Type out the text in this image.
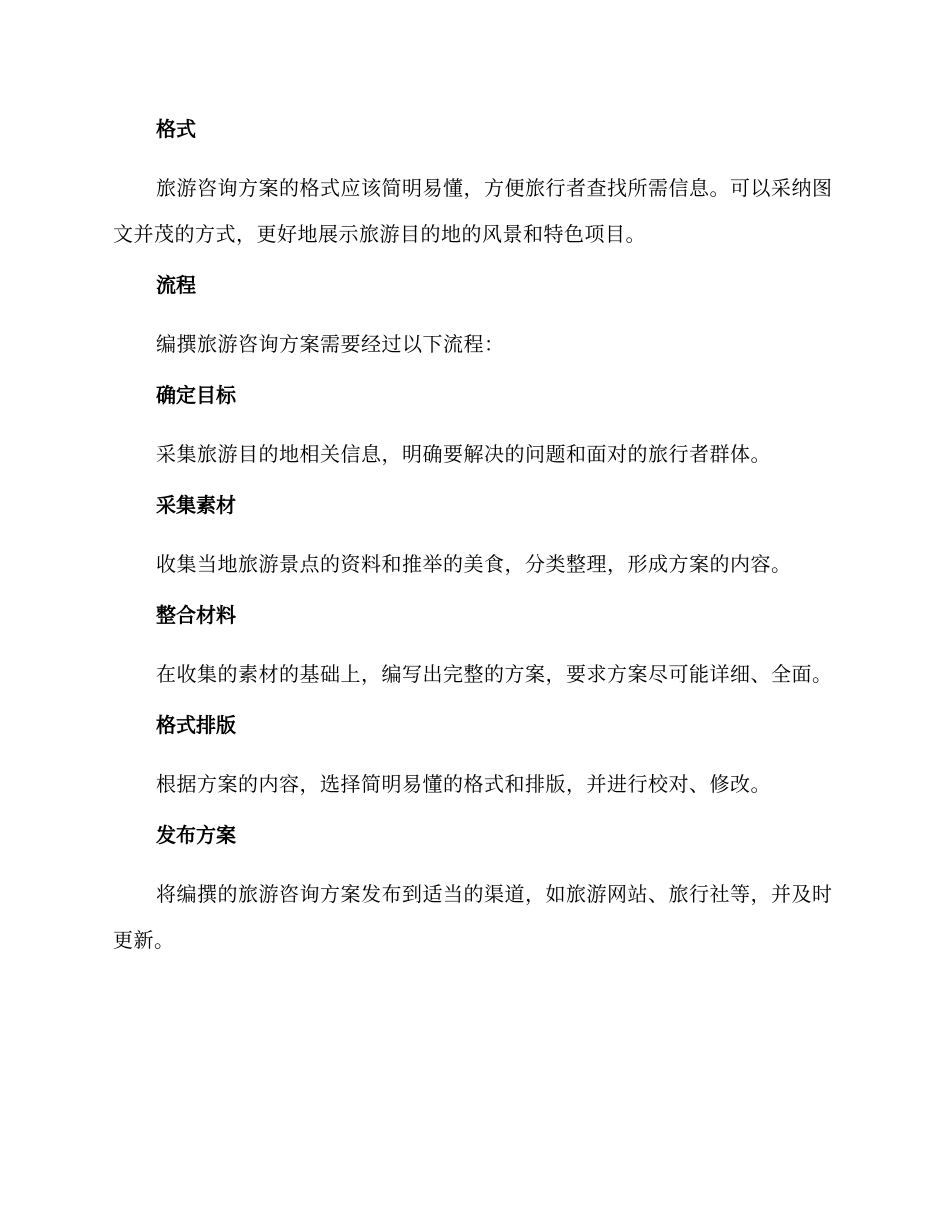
格式

旅游咨询方案的格式应该简明易懂，方便旅行者查找所需信息。可以采纳图文并茂的方式，更好地展示旅游目的地的风景和特色项目。

流程

编撰旅游咨询方案需要经过以下流程：

确定目标

采集旅游目的地相关信息，明确要解决的问题和面对的旅行者群体。

采集素材

收集当地旅游景点的资料和推举的美食，分类整理，形成方案的内容。

整合材料

在收集的素材的基础上，编写出完整的方案，要求方案尽可能详细、全面。

格式排版

根据方案的内容，选择简明易懂的格式和排版，并进行校对、修改。

发布方案

将编撰的旅游咨询方案发布到适当的渠道，如旅游网站、旅行社等，并及时更新。
